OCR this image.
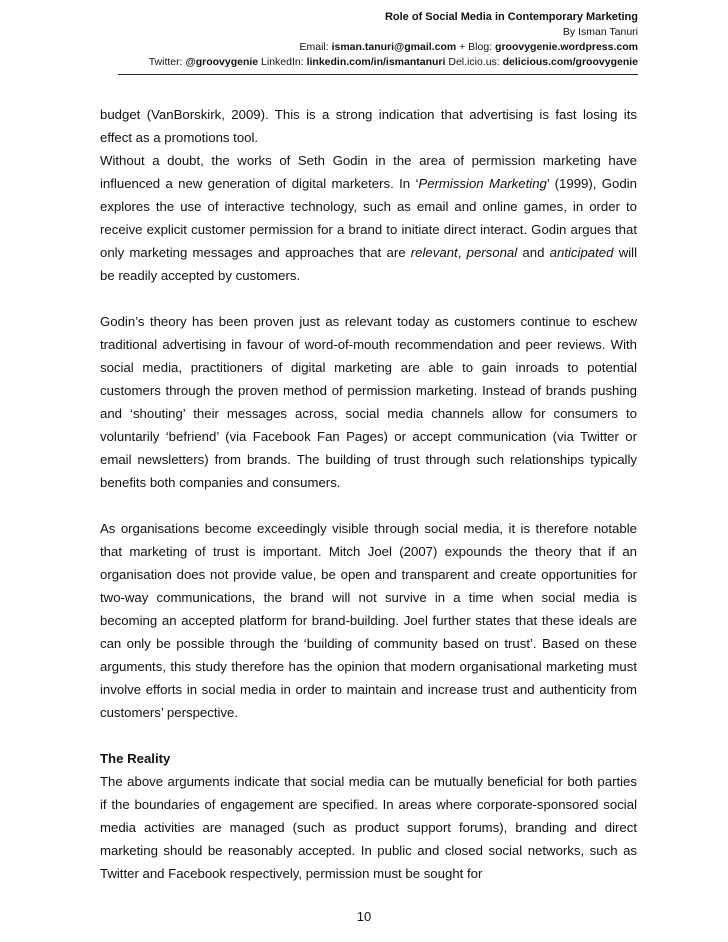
Role of Social Media in Contemporary Marketing
By Isman Tanuri
Email: isman.tanuri@gmail.com + Blog: groovygenie.wordpress.com
Twitter: @groovygenie LinkedIn: linkedin.com/in/ismantanuri Del.icio.us: delicious.com/groovygenie

budget (VanBorskirk, 2009). This is a strong indication that advertising is fast losing its effect as a promotions tool.

Without a doubt, the works of Seth Godin in the area of permission marketing have influenced a new generation of digital marketers. In ‘Permission Marketing’ (1999), Godin explores the use of interactive technology, such as email and online games, in order to receive explicit customer permission for a brand to initiate direct interact. Godin argues that only marketing messages and approaches that are relevant, personal and anticipated will be readily accepted by customers.

Godin’s theory has been proven just as relevant today as customers continue to eschew traditional advertising in favour of word-of-mouth recommendation and peer reviews. With social media, practitioners of digital marketing are able to gain inroads to potential customers through the proven method of permission marketing. Instead of brands pushing and ‘shouting’ their messages across, social media channels allow for consumers to voluntarily ‘befriend’ (via Facebook Fan Pages) or accept communication (via Twitter or email newsletters) from brands. The building of trust through such relationships typically benefits both companies and consumers.

As organisations become exceedingly visible through social media, it is therefore notable that marketing of trust is important. Mitch Joel (2007) expounds the theory that if an organisation does not provide value, be open and transparent and create opportunities for two-way communications, the brand will not survive in a time when social media is becoming an accepted platform for brand-building. Joel further states that these ideals are can only be possible through the ‘building of community based on trust’. Based on these arguments, this study therefore has the opinion that modern organisational marketing must involve efforts in social media in order to maintain and increase trust and authenticity from customers’ perspective.

The Reality

The above arguments indicate that social media can be mutually beneficial for both parties if the boundaries of engagement are specified. In areas where corporate-sponsored social media activities are managed (such as product support forums), branding and direct marketing should be reasonably accepted. In public and closed social networks, such as Twitter and Facebook respectively, permission must be sought for

10
